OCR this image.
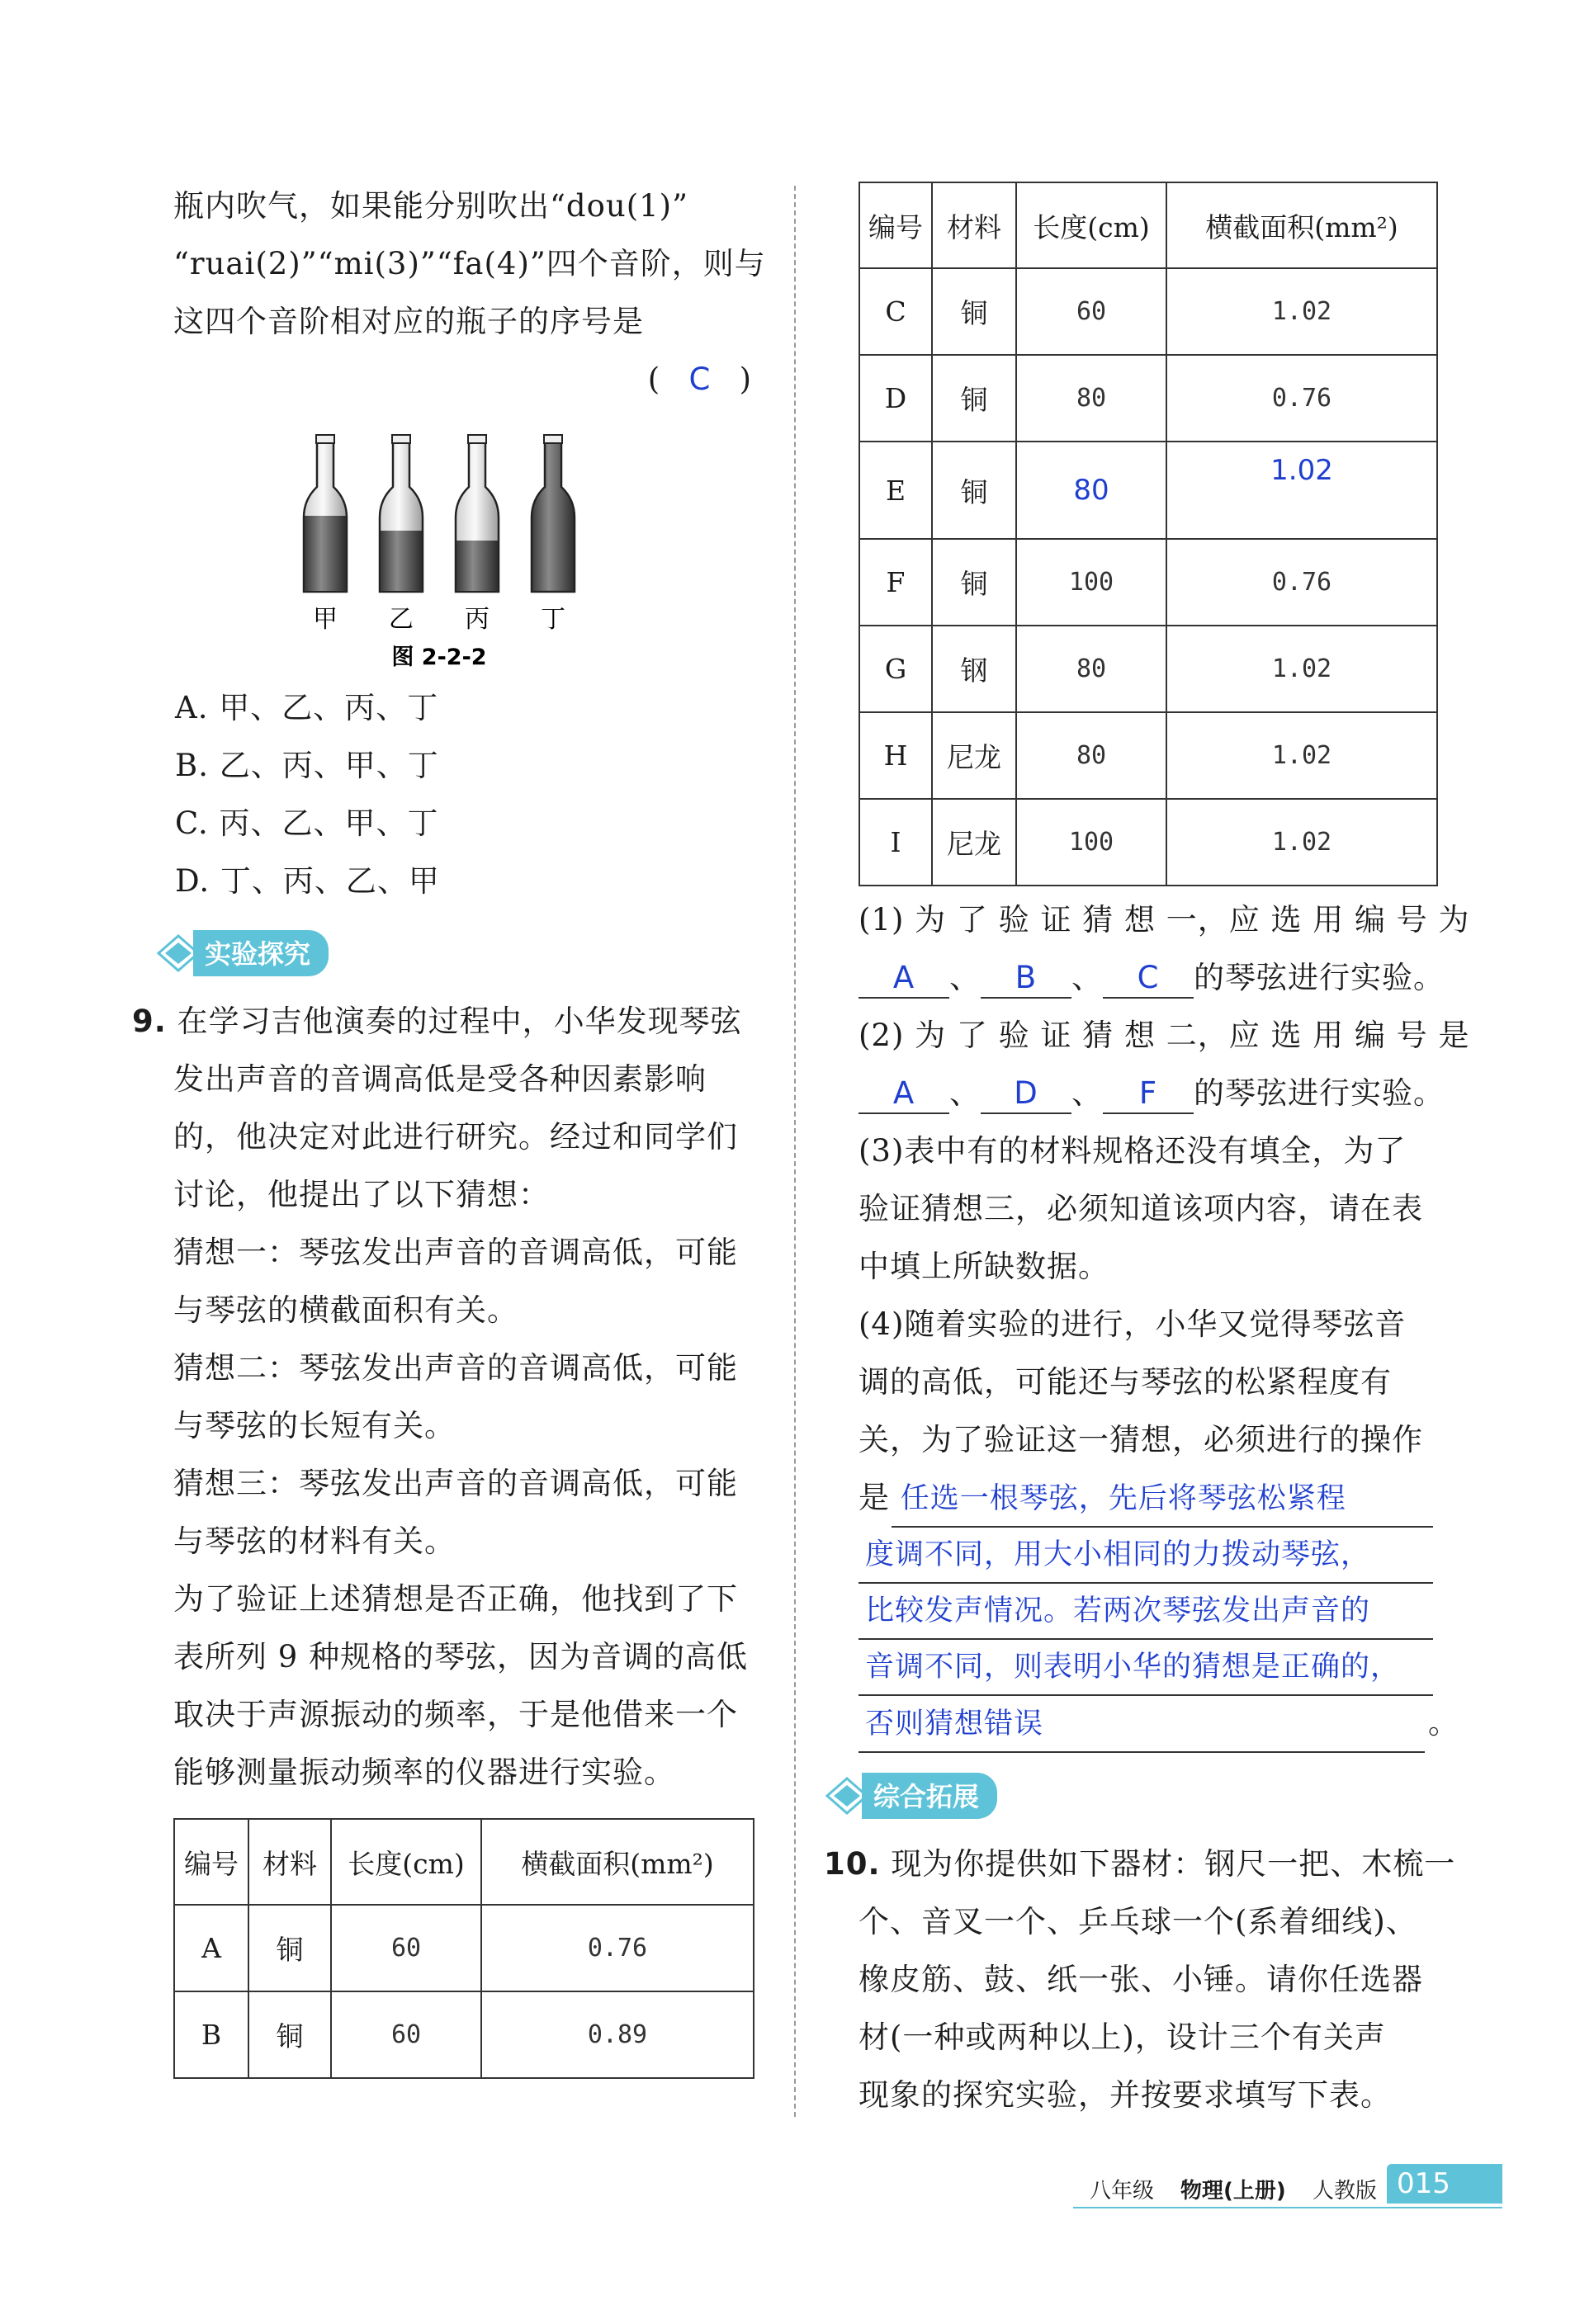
瓶内吹气，如果能分别吹出“dou(1)”
“ruai(2)”“mi(3)”“fa(4)”四个音阶，则与
这四个音阶相对应的瓶子的序号是
(   C   )
甲 乙 丙 丁
图 2-2-2
A. 甲、乙、丙、丁
B. 乙、丙、甲、丁
C. 丙、乙、甲、丁
D. 丁、丙、乙、甲
实验探究
9. 在学习吉他演奏的过程中，小华发现琴弦
发出声音的音调高低是受各种因素影响
的，他决定对此进行研究。经过和同学们
讨论，他提出了以下猜想：
猜想一：琴弦发出声音的音调高低，可能
与琴弦的横截面积有关。
猜想二：琴弦发出声音的音调高低，可能
与琴弦的长短有关。
猜想三：琴弦发出声音的音调高低，可能
与琴弦的材料有关。
为了验证上述猜想是否正确，他找到了下
表所列 9 种规格的琴弦，因为音调的高低
取决于声源振动的频率，于是他借来一个
能够测量振动频率的仪器进行实验。
编号	材料	长度(cm)	横截面积(mm²)
A	铜	60	0.76
B	铜	60	0.89
编号	材料	长度(cm)	横截面积(mm²)
C	铜	60	1.02
D	铜	80	0.76
E	铜	80	1.02
F	铜	100	0.76
G	钢	80	1.02
H	尼龙	80	1.02
I	尼龙	100	1.02
(1) 为 了 验 证 猜 想 一，应 选 用 编 号 为
A 、 B 、 C 的琴弦进行实验。
(2) 为 了 验 证 猜 想 二，应 选 用 编 号 是
A 、 D 、 F 的琴弦进行实验。
(3)表中有的材料规格还没有填全，为了
验证猜想三，必须知道该项内容，请在表
中填上所缺数据。
(4)随着实验的进行，小华又觉得琴弦音
调的高低，可能还与琴弦的松紧程度有
关，为了验证这一猜想，必须进行的操作
是 任选一根琴弦，先后将琴弦松紧程
度调不同，用大小相同的力拨动琴弦，
比较发声情况。若两次琴弦发出声音的
音调不同，则表明小华的猜想是正确的，
否则猜想错误	。
综合拓展
10. 现为你提供如下器材：钢尺一把、木梳一
个、音叉一个、乒乓球一个(系着细线)、
橡皮筋、鼓、纸一张、小锤。请你任选器
材(一种或两种以上)，设计三个有关声
现象的探究实验，并按要求填写下表。
八年级 物理(上册) 人教版 015
